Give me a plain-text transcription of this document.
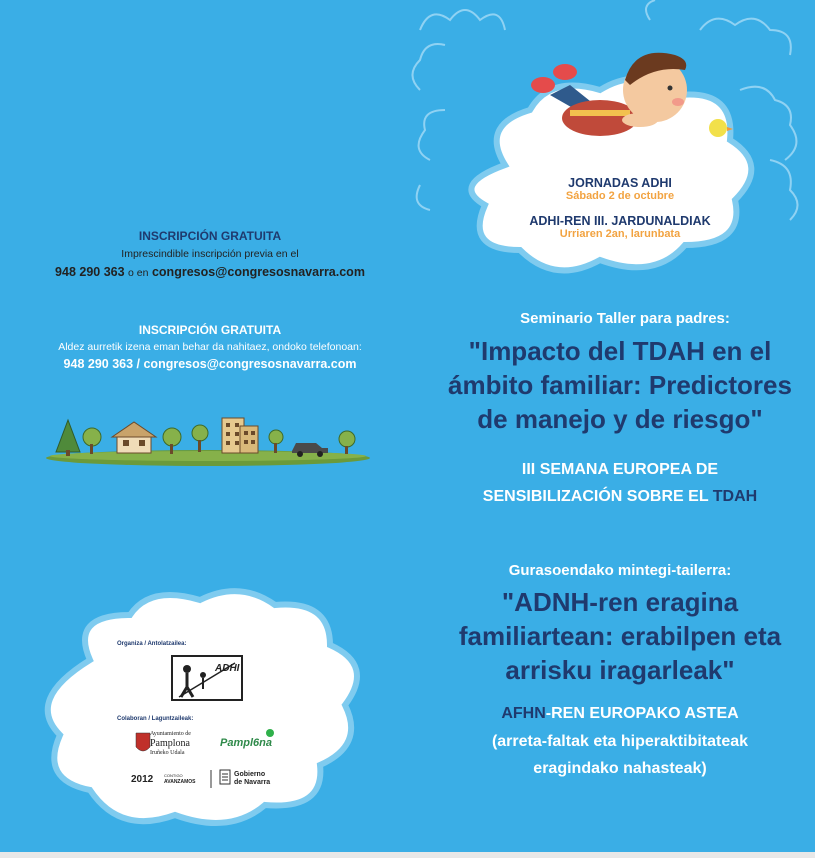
JORNADAS ADHI

Sábado 2 de octubre

ADHI-REN III. JARDUNALDIAK

Urriaren 2an, larunbata

INSCRIPCIÓN GRATUITA

Imprescindible inscripción previa en el

948 290 363 o en congresos@congresosnavarra.com

INSCRIPCIÓN GRATUITA

Aldez aurretik izena eman behar da nahitaez, ondoko telefonoan:

948 290 363 / congresos@congresosnavarra.com

Seminario Taller para padres:

"Impacto del TDAH en el

ámbito familiar: Predictores

de manejo y de riesgo"

III SEMANA EUROPEA DE

SENSIBILIZACIÓN SOBRE EL TDAH

Gurasoendako mintegi-tailerra:

"ADNH-ren eragina

familiartean: erabilpen eta

arrisku iragarleak"

AFHN-REN EUROPAKO ASTEA

(arreta-faltak eta hiperaktibitateak

eragindako nahasteak)

Organiza / Antolatzailea:

ADHI

Colaboran / Laguntzaileak:

Ayuntamiento de

Pamplona

Iruñeko Udala

Pampl6na

2012	CONTIGO

AVANZAMOS

Gobierno

de Navarra
